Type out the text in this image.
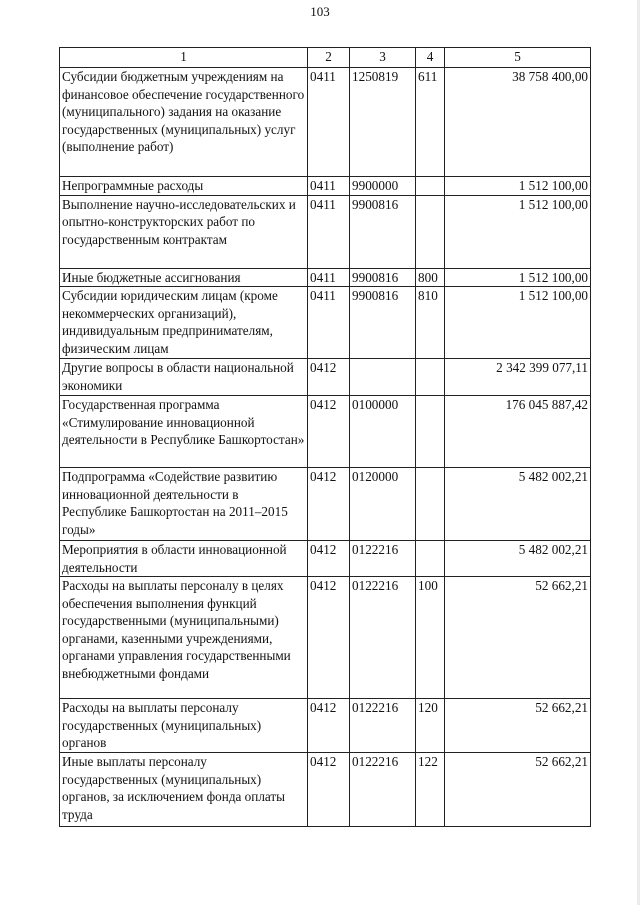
103
1	2	3	4	5
Субсидии бюджетным учреждениям на финансовое обеспечение государственного (муниципального) задания на оказание государственных (муниципальных) услуг (выполнение работ)	0411	1250819	611	38 758 400,00
Непрограммные расходы	0411	9900000		1 512 100,00
Выполнение научно-исследовательских и опытно-конструкторских работ по государственным контрактам	0411	9900816		1 512 100,00
Иные бюджетные ассигнования	0411	9900816	800	1 512 100,00
Субсидии юридическим лицам (кроме некоммерческих организаций), индивидуальным предпринимателям, физическим лицам	0411	9900816	810	1 512 100,00
Другие вопросы в области национальной экономики	0412			2 342 399 077,11
Государственная программа «Стимулирование инновационной деятельности в Республике Башкортостан»	0412	0100000		176 045 887,42
Подпрограмма «Содействие развитию инновационной деятельности в Республике Башкортостан на 2011–2015 годы»	0412	0120000		5 482 002,21
Мероприятия в области инновационной деятельности	0412	0122216		5 482 002,21
Расходы на выплаты персоналу в целях обеспечения выполнения функций государственными (муниципальными) органами, казенными учреждениями, органами управления государственными внебюджетными фондами	0412	0122216	100	52 662,21
Расходы на выплаты персоналу государственных (муниципальных) органов	0412	0122216	120	52 662,21
Иные выплаты персоналу государственных (муниципальных) органов, за исключением фонда оплаты труда	0412	0122216	122	52 662,21
